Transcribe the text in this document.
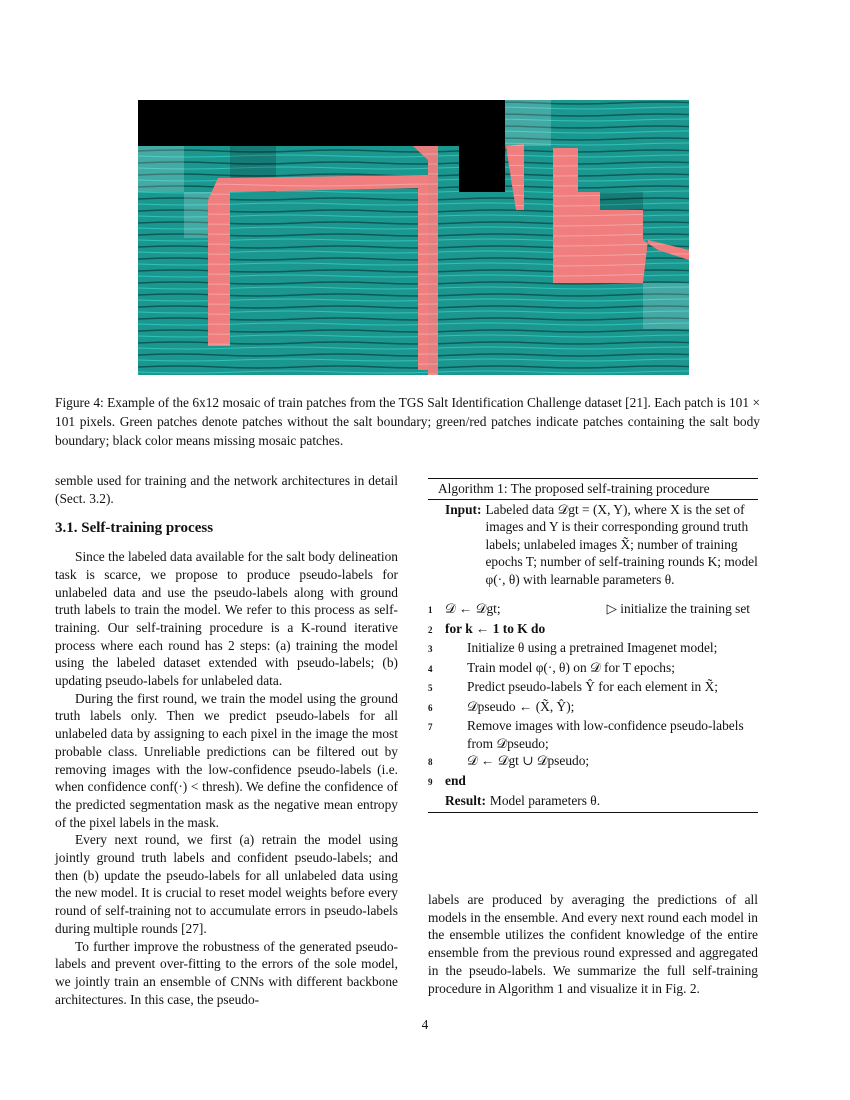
Figure 4: Example of the 6x12 mosaic of train patches from the TGS Salt Identification Challenge dataset [21]. Each patch is 101 × 101 pixels. Green patches denote patches without the salt boundary; green/red patches indicate patches containing the salt body boundary; black color means missing mosaic patches.

semble used for training and the network architectures in detail (Sect. 3.2).

3.1. Self-training process

Since the labeled data available for the salt body delineation task is scarce, we propose to produce pseudo-labels for unlabeled data and use the pseudo-labels along with ground truth labels to train the model. We refer to this process as self-training. Our self-training procedure is a K-round iterative process where each round has 2 steps: (a) training the model using the labeled dataset extended with pseudo-labels; (b) updating pseudo-labels for unlabeled data.

During the first round, we train the model using the ground truth labels only. Then we predict pseudo-labels for all unlabeled data by assigning to each pixel in the image the most probable class. Unreliable predictions can be filtered out by removing images with the low-confidence pseudo-labels (i.e. when confidence conf(·) < thresh). We define the confidence of the predicted segmentation mask as the negative mean entropy of the pixel labels in the mask.

Every next round, we first (a) retrain the model using jointly ground truth labels and confident pseudo-labels; and then (b) update the pseudo-labels for all unlabeled data using the new model. It is crucial to reset model weights before every round of self-training not to accumulate errors in pseudo-labels during multiple rounds [27].

To further improve the robustness of the generated pseudo-labels and prevent over-fitting to the errors of the sole model, we jointly train an ensemble of CNNs with different backbone architectures. In this case, the pseudo-

Algorithm 1: The proposed self-training procedure
Input: Labeled data 𝒟gt = (X, Y), where X is the set of images and Y is their corresponding ground truth labels; unlabeled images X̃; number of training epochs T; number of self-training rounds K; model φ(·, θ) with learnable parameters θ.
1 𝒟 ← 𝒟gt;	▷ initialize the training set
2 for k ← 1 to K do
3	Initialize θ using a pretrained Imagenet model;
4	Train model φ(·, θ) on 𝒟 for T epochs;
5	Predict pseudo-labels Ŷ for each element in X̃;
6	𝒟pseudo ← (X̃, Ŷ);
7	Remove images with low-confidence pseudo-labels from 𝒟pseudo;
8	𝒟 ← 𝒟gt ∪ 𝒟pseudo;
9 end
Result: Model parameters θ.
labels are produced by averaging the predictions of all models in the ensemble. And every next round each model in the ensemble utilizes the confident knowledge of the entire ensemble from the previous round expressed and aggregated in the pseudo-labels. We summarize the full self-training procedure in Algorithm 1 and visualize it in Fig. 2.
4
